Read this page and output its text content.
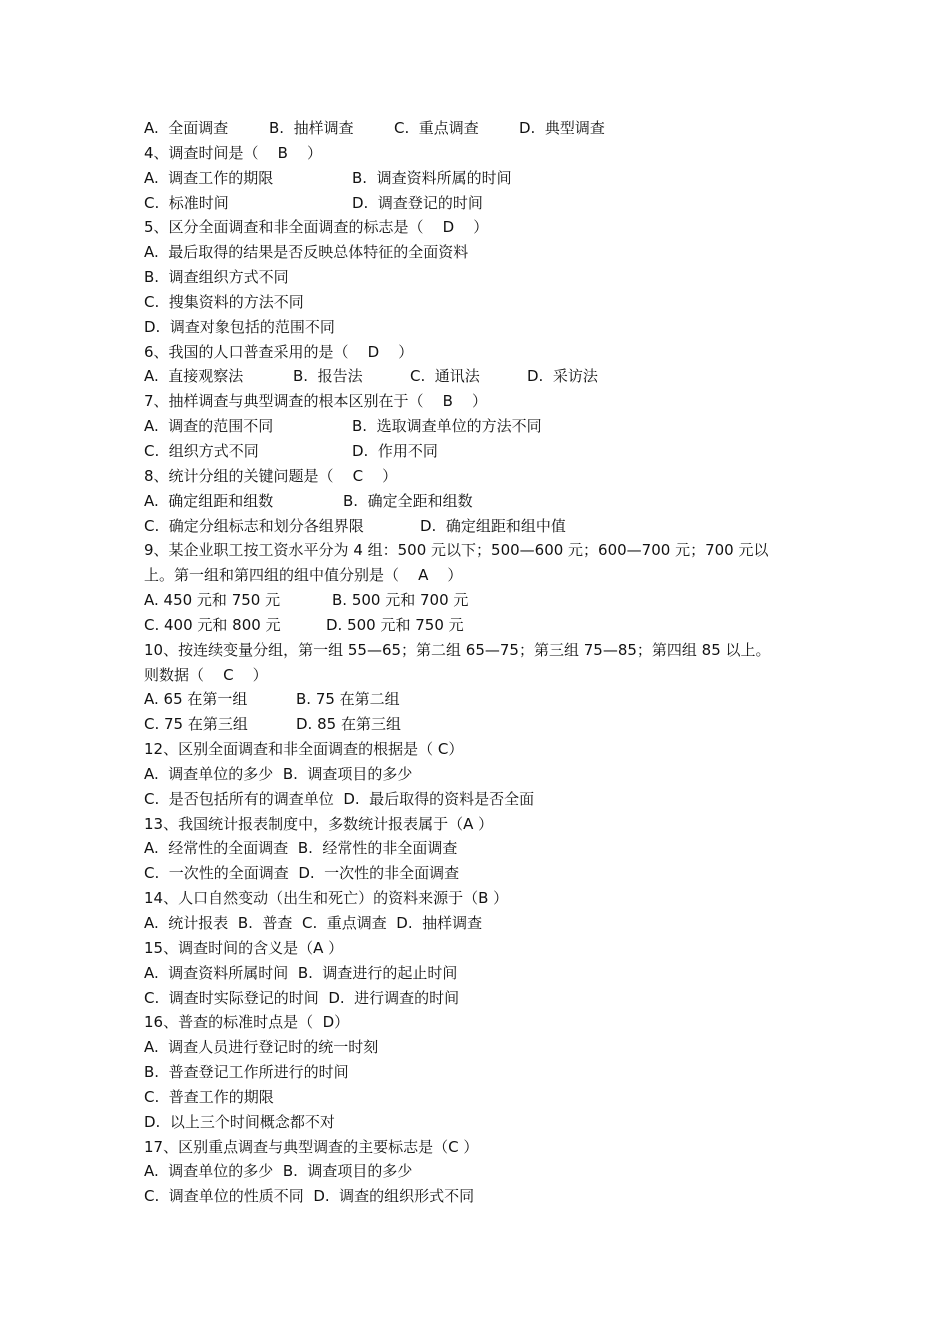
A.  全面调查

	B.  抽样调查

	C.  重点调查

	D.  典型调查

4、调查时间是（    B    ）

A.  调查工作的期限

	B.  调查资料所属的时间

C.  标准时间

	D.  调查登记的时间

5、区分全面调查和非全面调查的标志是（    D    ）

A.  最后取得的结果是否反映总体特征的全面资料

B.  调查组织方式不同

C.  搜集资料的方法不同

D.  调查对象包括的范围不同

6、我国的人口普查采用的是（    D    ）

A.  直接观察法

	B.  报告法

	C.  通讯法

	D.  采访法

7、抽样调查与典型调查的根本区别在于（    B    ）

A.  调查的范围不同

	B.  选取调查单位的方法不同

C.  组织方式不同

	D.  作用不同

8、统计分组的关键问题是（    C    ）

A.  确定组距和组数

	B.  确定全距和组数

C.  确定分组标志和划分各组界限

	D.  确定组距和组中值

9、某企业职工按工资水平分为 4 组：500 元以下；500—600 元；600—700 元；700 元以

上。第一组和第四组的组中值分别是（    A    ）

A. 450 元和 750 元

	B. 500 元和 700 元

C. 400 元和 800 元

	D. 500 元和 750 元

10、按连续变量分组，第一组 55—65；第二组 65—75；第三组 75—85；第四组 85 以上。

则数据（    C    ）

A. 65 在第一组

	B. 75 在第二组

C. 75 在第三组

	D. 85 在第三组

12、区别全面调查和非全面调查的根据是（ C）

A.  调查单位的多少  B.  调查项目的多少

C.  是否包括所有的调查单位  D.  最后取得的资料是否全面

13、我国统计报表制度中，多数统计报表属于（A ）

A.  经常性的全面调查  B.  经常性的非全面调查

C.  一次性的全面调查  D.  一次性的非全面调查

14、人口自然变动（出生和死亡）的资料来源于（B ）

A.  统计报表  B.  普查  C.  重点调查  D.  抽样调查

15、调查时间的含义是（A ）

A.  调查资料所属时间  B.  调查进行的起止时间

C.  调查时实际登记的时间  D.  进行调查的时间

16、普查的标准时点是（  D）

A.  调查人员进行登记时的统一时刻

B.  普查登记工作所进行的时间

C.  普查工作的期限

D.  以上三个时间概念都不对

17、区别重点调查与典型调查的主要标志是（C ）

A.  调查单位的多少  B.  调查项目的多少

C.  调查单位的性质不同  D.  调查的组织形式不同
